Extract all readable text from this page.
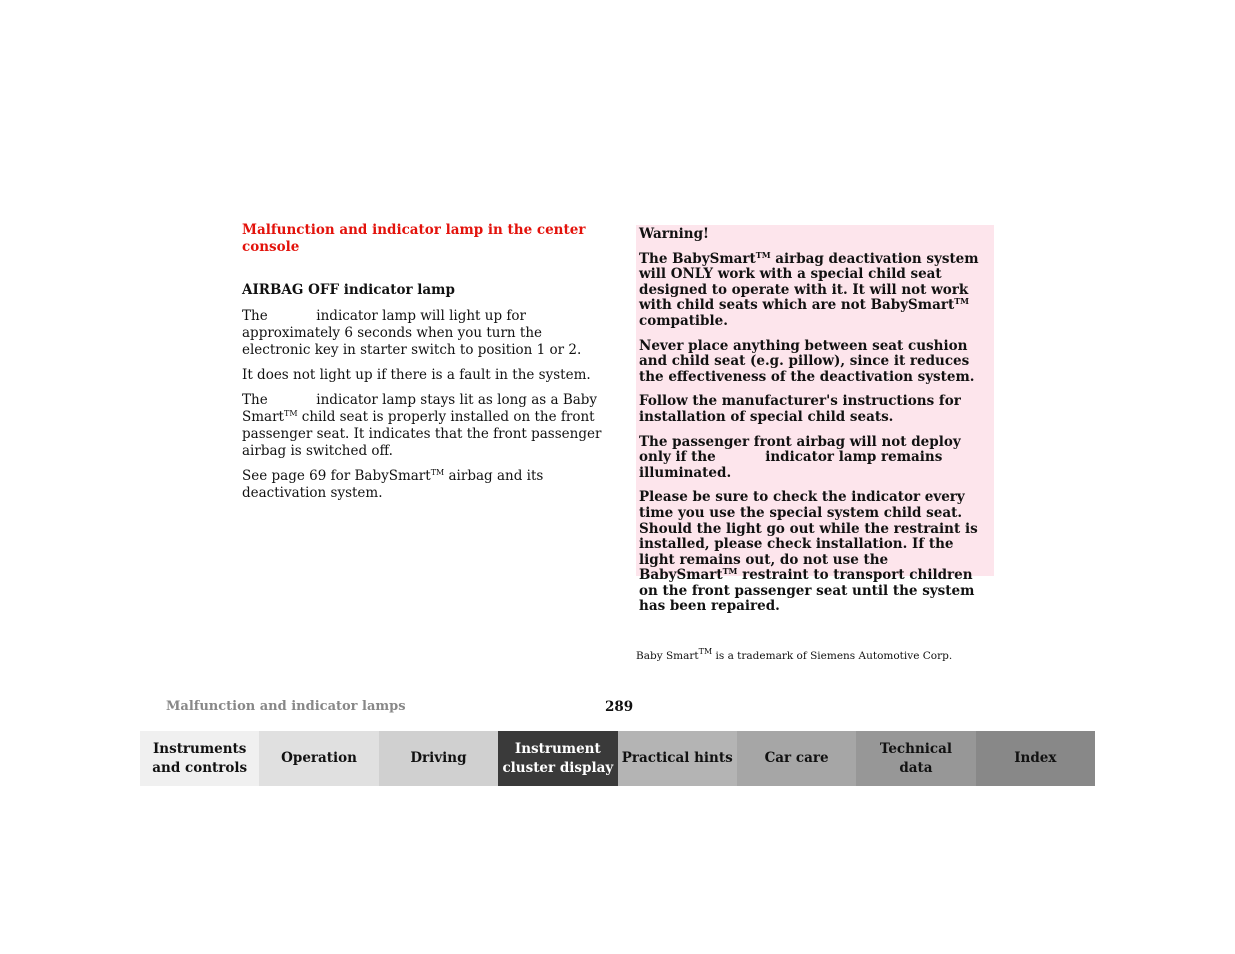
Malfunction and indicator lamp in the center console

AIRBAG OFF indicator lamp

The	indicator lamp will light up for approximately 6 seconds when you turn the electronic key in starter switch to position 1 or 2.

It does not light up if there is a fault in the system.

The	indicator lamp stays lit as long as a Baby Smart™ child seat is properly installed on the front passenger seat. It indicates that the front passenger airbag is switched off.

See page 69 for BabySmart™ airbag and its deactivation system.

Warning!

The BabySmart™ airbag deactivation system will ONLY work with a special child seat designed to operate with it. It will not work with child seats which are not BabySmart™ compatible.

Never place anything between seat cushion and child seat (e.g. pillow), since it reduces the effectiveness of the deactivation system.

Follow the manufacturer's instructions for installation of special child seats.

The passenger front airbag will not deploy only if the	indicator lamp remains illuminated.

Please be sure to check the indicator every time you use the special system child seat. Should the light go out while the restraint is installed, please check installation. If the light remains out, do not use the BabySmart™ restraint to transport children on the front passenger seat until the system has been repaired.

Baby Smart™ is a trademark of Siemens Automotive Corp.
Malfunction and indicator lamps	289
Instruments
and controls
Operation	Driving
Instrument
cluster display
Practical hints Car care
Technical
data
Index
